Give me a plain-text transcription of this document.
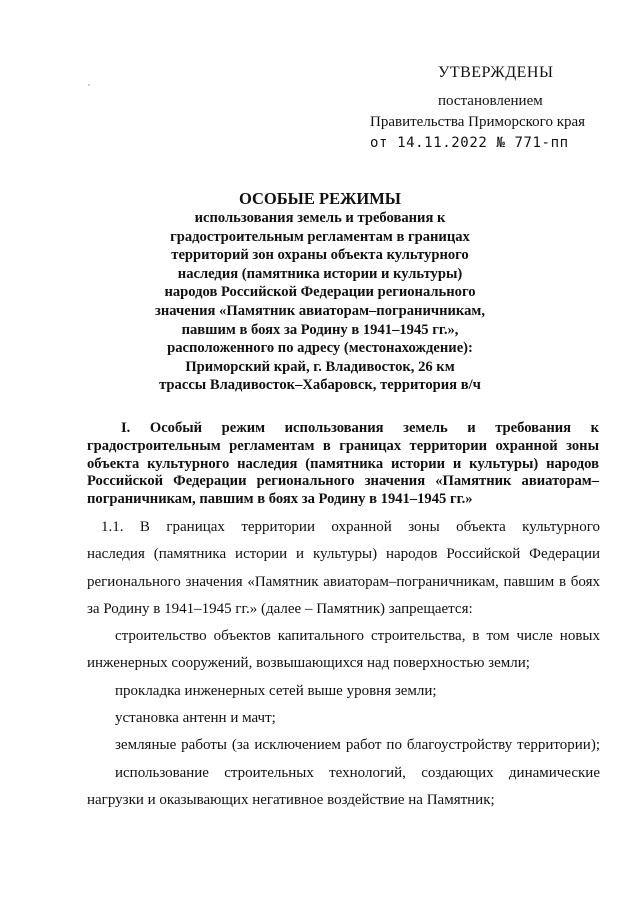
УТВЕРЖДЕНЫ
постановлением
Правительства Приморского края
от 14.11.2022 № 771-пп
ОСОБЫЕ РЕЖИМЫ
использования земель и требования к
градостроительным регламентам в границах
территорий зон охраны объекта культурного
наследия (памятника истории и культуры)
народов Российской Федерации регионального
значения «Памятник авиаторам–пограничникам,
павшим в боях за Родину в 1941–1945 гг.»,
расположенного по адресу (местонахождение):
Приморский край, г. Владивосток, 26 км
трассы Владивосток–Хабаровск, территория в/ч
I. Особый режим использования земель и требования к
градостроительным регламентам в границах территории охранной зоны
объекта культурного наследия (памятника истории и культуры) народов
Российской Федерации регионального значения «Памятник авиаторам–
пограничникам, павшим в боях за Родину в 1941–1945 гг.»
1.1. В границах территории охранной зоны объекта культурного
наследия (памятника истории и культуры) народов Российской Федерации
регионального значения «Памятник авиаторам–пограничникам, павшим в боях
за Родину в 1941–1945 гг.» (далее – Памятник) запрещается:
строительство объектов капитального строительства, в том числе новых
инженерных сооружений, возвышающихся над поверхностью земли;
прокладка инженерных сетей выше уровня земли;
установка антенн и мачт;
земляные работы (за исключением работ по благоустройству территории);
использование строительных технологий, создающих динамические
нагрузки и оказывающих негативное воздействие на Памятник;
